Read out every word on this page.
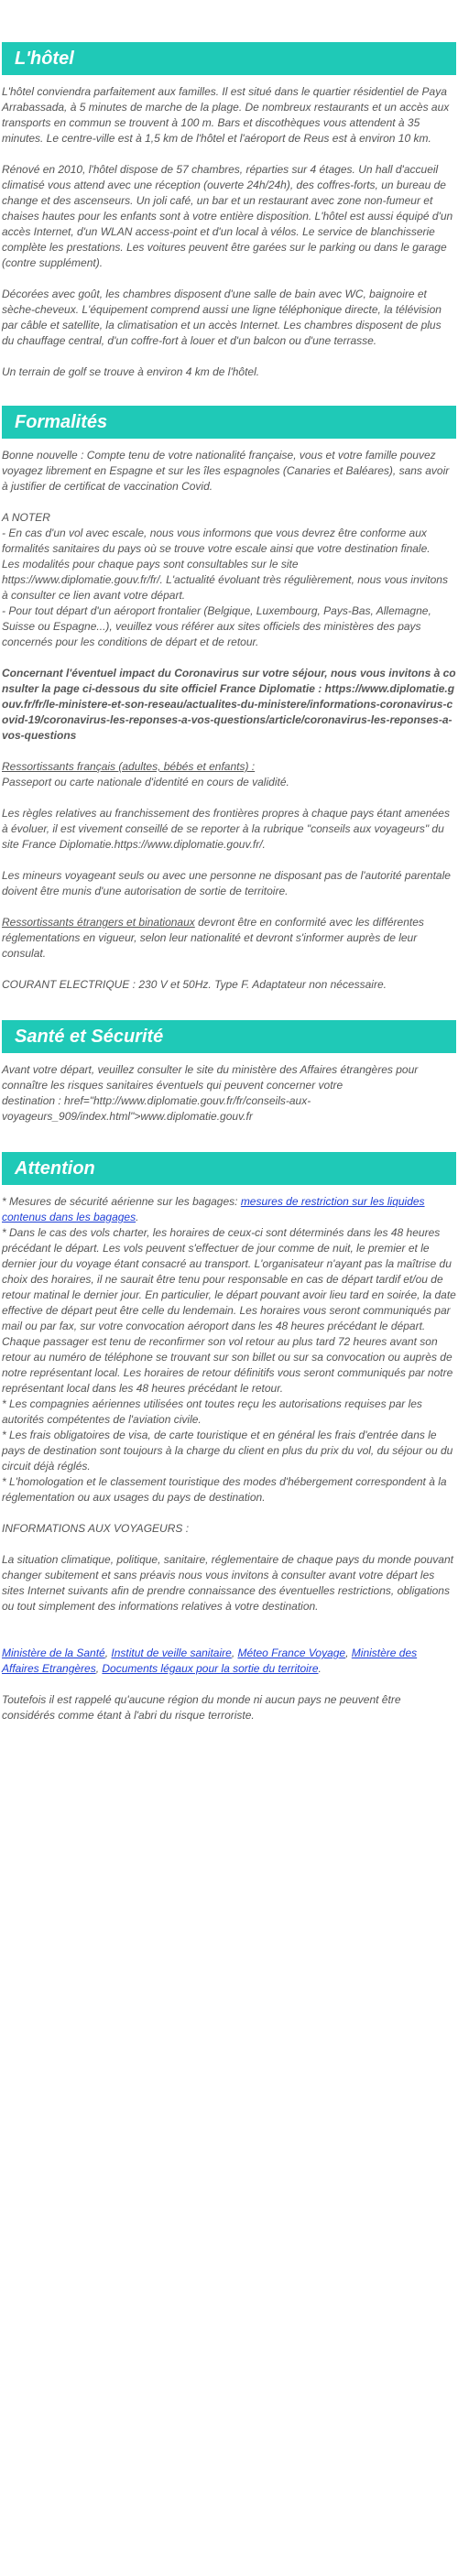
L'hôtel

L'hôtel conviendra parfaitement aux familles. Il est situé dans le quartier résidentiel de Paya Arrabassada, à 5 minutes de marche de la plage. De nombreux restaurants et un accès aux transports en commun se trouvent à 100 m. Bars et discothèques vous attendent à 35 minutes. Le centre-ville est à 1,5 km de l'hôtel et l'aéroport de Reus est à environ 10 km.

Rénové en 2010, l'hôtel dispose de 57 chambres, réparties sur 4 étages. Un hall d'accueil climatisé vous attend avec une réception (ouverte 24h/24h), des coffres-forts, un bureau de change et des ascenseurs. Un joli café, un bar et un restaurant avec zone non-fumeur et chaises hautes pour les enfants sont à votre entière disposition. L'hôtel est aussi équipé d'un accès Internet, d'un WLAN access-point et d'un local à vélos. Le service de blanchisserie complète les prestations. Les voitures peuvent être garées sur le parking ou dans le garage (contre supplément).

Décorées avec goût, les chambres disposent d'une salle de bain avec WC, baignoire et sèche-cheveux. L'équipement comprend aussi une ligne téléphonique directe, la télévision par câble et satellite, la climatisation et un accès Internet. Les chambres disposent de plus du chauffage central, d'un coffre-fort à louer et d'un balcon ou d'une terrasse.

Un terrain de golf se trouve à environ 4 km de l'hôtel.

Formalités

Bonne nouvelle : Compte tenu de votre nationalité française, vous et votre famille pouvez voyagez librement en Espagne et sur les îles espagnoles (Canaries et Baléares), sans avoir à justifier de certificat de vaccination Covid.

A NOTER
- En cas d'un vol avec escale, nous vous informons que vous devrez être conforme aux formalités sanitaires du pays où se trouve votre escale ainsi que votre destination finale.
Les modalités pour chaque pays sont consultables sur le site https://www.diplomatie.gouv.fr/fr/. L'actualité évoluant très régulièrement, nous vous invitons à consulter ce lien avant votre départ.
- Pour tout départ d'un aéroport frontalier (Belgique, Luxembourg, Pays-Bas, Allemagne, Suisse ou Espagne...), veuillez vous référer aux sites officiels des ministères des pays concernés pour les conditions de départ et de retour.

Concernant l'éventuel impact du Coronavirus sur votre séjour, nous vous invitons à consulter la page ci-dessous du site officiel France Diplomatie : https://www.diplomatie.gouv.fr/fr/le-ministere-et-son-reseau/actualites-du-ministere/informations-coronavirus-covid-19/coronavirus-les-reponses-a-vos-questions/article/coronavirus-les-reponses-a-vos-questions

Ressortissants français (adultes, bébés et enfants) :
Passeport ou carte nationale d'identité en cours de validité.

Les règles relatives au franchissement des frontières propres à chaque pays étant amenées à évoluer, il est vivement conseillé de se reporter à la rubrique "conseils aux voyageurs" du site France Diplomatie.https://www.diplomatie.gouv.fr/.

Les mineurs voyageant seuls ou avec une personne ne disposant pas de l'autorité parentale doivent être munis d'une autorisation de sortie de territoire.

Ressortissants étrangers et binationaux devront être en conformité avec les différentes réglementations en vigueur, selon leur nationalité et devront s'informer auprès de leur consulat.

COURANT ELECTRIQUE : 230 V et 50Hz. Type F. Adaptateur non nécessaire.

Santé et Sécurité

Avant votre départ, veuillez consulter le site du ministère des Affaires étrangères pour connaître les risques sanitaires éventuels qui peuvent concerner votre
destination : href="http://www.diplomatie.gouv.fr/fr/conseils-aux-voyageurs_909/index.html">www.diplomatie.gouv.fr

Attention

* Mesures de sécurité aérienne sur les bagages: mesures de restriction sur les liquides contenus dans les bagages.

* Dans le cas des vols charter, les horaires de ceux-ci sont déterminés dans les 48 heures précédant le départ. Les vols peuvent s'effectuer de jour comme de nuit, le premier et le dernier jour du voyage étant consacré au transport. L'organisateur n'ayant pas la maîtrise du choix des horaires, il ne saurait être tenu pour responsable en cas de départ tardif et/ou de retour matinal le dernier jour. En particulier, le départ pouvant avoir lieu tard en soirée, la date effective de départ peut être celle du lendemain. Les horaires vous seront communiqués par mail ou par fax, sur votre convocation aéroport dans les 48 heures précédant le départ. Chaque passager est tenu de reconfirmer son vol retour au plus tard 72 heures avant son retour au numéro de téléphone se trouvant sur son billet ou sur sa convocation ou auprès de notre représentant local. Les horaires de retour définitifs vous seront communiqués par notre représentant local dans les 48 heures précédant le retour.

* Les compagnies aériennes utilisées ont toutes reçu les autorisations requises par les autorités compétentes de l'aviation civile.

* Les frais obligatoires de visa, de carte touristique et en général les frais d'entrée dans le pays de destination sont toujours à la charge du client en plus du prix du vol, du séjour ou du circuit déjà réglés.

* L'homologation et le classement touristique des modes d'hébergement correspondent à la réglementation ou aux usages du pays de destination.

INFORMATIONS AUX VOYAGEURS :

La situation climatique, politique, sanitaire, réglementaire de chaque pays du monde pouvant changer subitement et sans préavis nous vous invitons à consulter avant votre départ les sites Internet suivants afin de prendre connaissance des éventuelles restrictions, obligations ou tout simplement des informations relatives à votre destination.

Ministère de la Santé, Institut de veille sanitaire, Méteo France Voyage, Ministère des Affaires Etrangères, Documents légaux pour la sortie du territoire.

Toutefois il est rappelé qu'aucune région du monde ni aucun pays ne peuvent être considérés comme étant à l'abri du risque terroriste.
